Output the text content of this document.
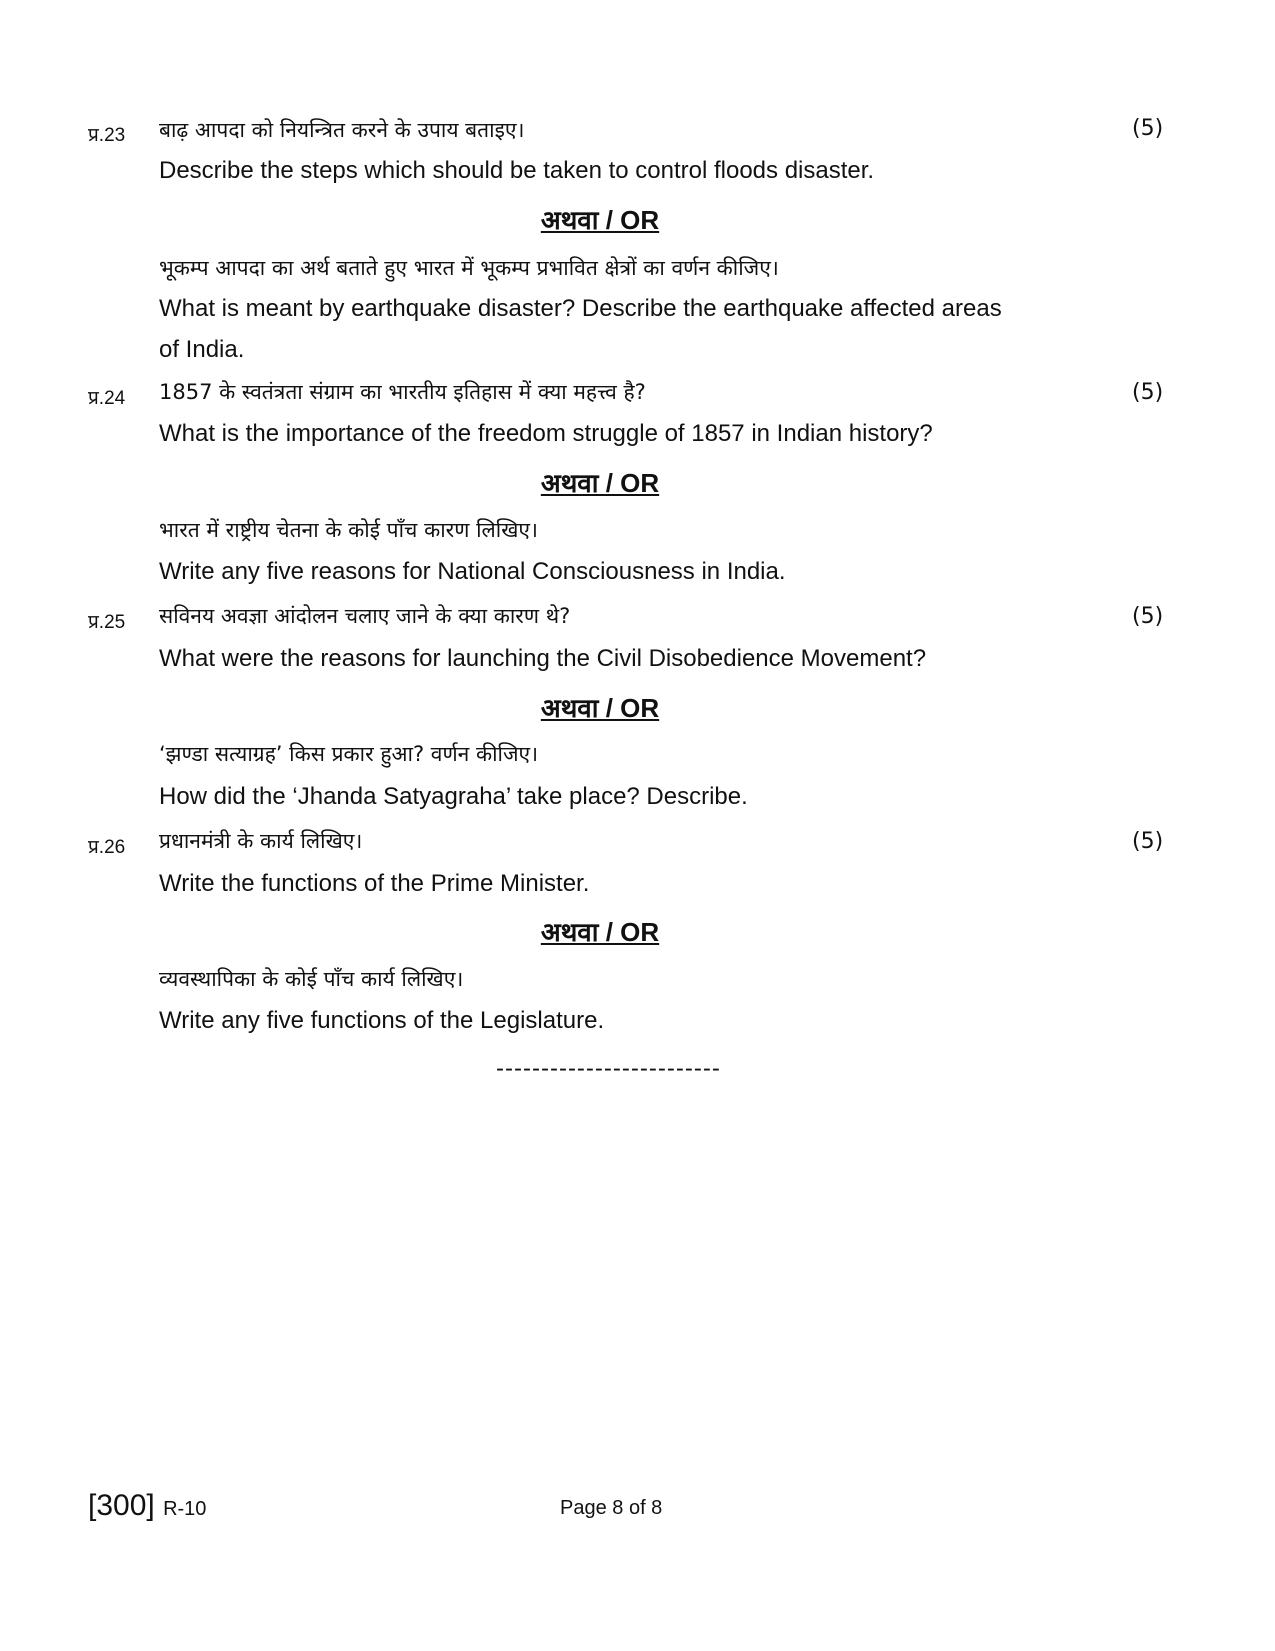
प्र.23 बाढ़ आपदा को नियन्त्रित करने के उपाय बताइए।	(5)
Describe the steps which should be taken to control floods disaster.
अथवा / OR
भूकम्प आपदा का अर्थ बताते हुए भारत में भूकम्प प्रभावित क्षेत्रों का वर्णन कीजिए।
What is meant by earthquake disaster? Describe the earthquake affected areas
of India.
प्र.24 1857 के स्वतंत्रता संग्राम का भारतीय इतिहास में क्या महत्त्व है?	(5)
What is the importance of the freedom struggle of 1857 in Indian history?
अथवा / OR
भारत में राष्ट्रीय चेतना के कोई पाँच कारण लिखिए।
Write any five reasons for National Consciousness in India.
प्र.25 सविनय अवज्ञा आंदोलन चलाए जाने के क्या कारण थे?	(5)
What were the reasons for launching the Civil Disobedience Movement?
अथवा / OR
‘झण्डा सत्याग्रह’ किस प्रकार हुआ? वर्णन कीजिए।
How did the ‘Jhanda Satyagraha’ take place? Describe.
प्र.26 प्रधानमंत्री के कार्य लिखिए।	(5)
Write the functions of the Prime Minister.
अथवा / OR
व्यवस्थापिका के कोई पाँच कार्य लिखिए।
Write any five functions of the Legislature.
-------------------------
[300] R-10	Page 8 of 8
